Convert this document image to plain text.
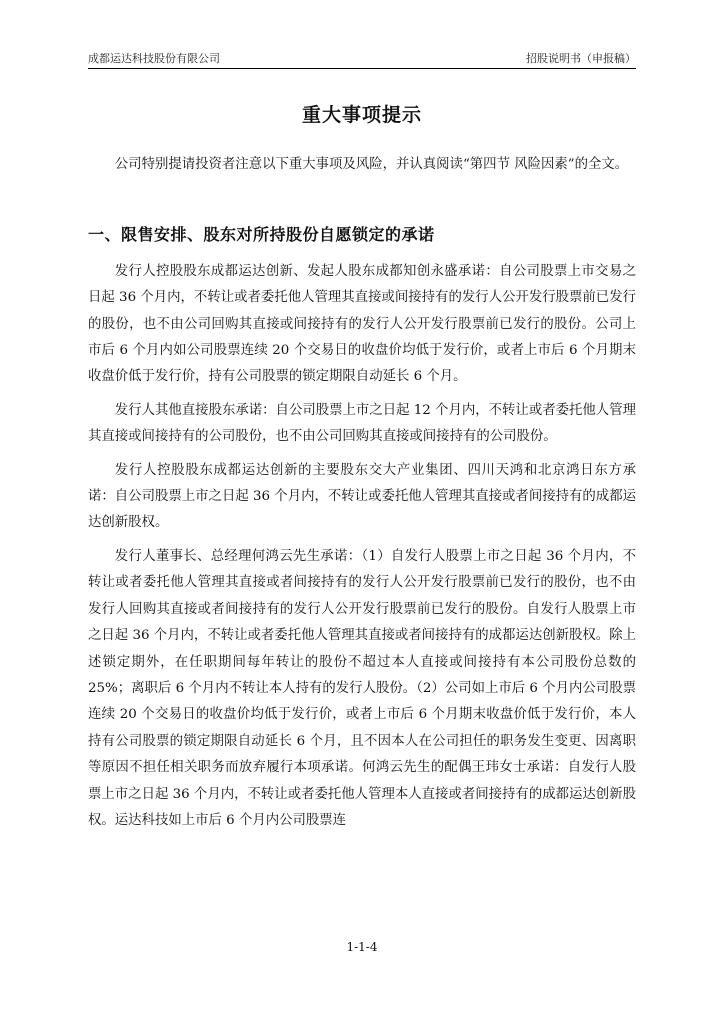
成都运达科技股份有限公司	招股说明书（申报稿）
重大事项提示

公司特别提请投资者注意以下重大事项及风险，并认真阅读“第四节 风险因素”的全文。

一、限售安排、股东对所持股份自愿锁定的承诺

发行人控股股东成都运达创新、发起人股东成都知创永盛承诺：自公司股票上市交易之日起 36 个月内，不转让或者委托他人管理其直接或间接持有的发行人公开发行股票前已发行的股份，也不由公司回购其直接或间接持有的发行人公开发行股票前已发行的股份。公司上市后 6 个月内如公司股票连续 20 个交易日的收盘价均低于发行价，或者上市后 6 个月期末收盘价低于发行价，持有公司股票的锁定期限自动延长 6 个月。

发行人其他直接股东承诺：自公司股票上市之日起 12 个月内，不转让或者委托他人管理其直接或间接持有的公司股份，也不由公司回购其直接或间接持有的公司股份。

发行人控股股东成都运达创新的主要股东交大产业集团、四川天鸿和北京鸿日东方承诺：自公司股票上市之日起 36 个月内，不转让或委托他人管理其直接或者间接持有的成都运达创新股权。

发行人董事长、总经理何鸿云先生承诺：（1）自发行人股票上市之日起 36 个月内，不转让或者委托他人管理其直接或者间接持有的发行人公开发行股票前已发行的股份，也不由发行人回购其直接或者间接持有的发行人公开发行股票前已发行的股份。自发行人股票上市之日起 36 个月内，不转让或者委托他人管理其直接或者间接持有的成都运达创新股权。除上述锁定期外，在任职期间每年转让的股份不超过本人直接或间接持有本公司股份总数的 25%；离职后 6 个月内不转让本人持有的发行人股份。（2）公司如上市后 6 个月内公司股票连续 20 个交易日的收盘价均低于发行价，或者上市后 6 个月期末收盘价低于发行价，本人持有公司股票的锁定期限自动延长 6 个月，且不因本人在公司担任的职务发生变更、因离职等原因不担任相关职务而放弃履行本项承诺。何鸿云先生的配偶王玮女士承诺：自发行人股票上市之日起 36 个月内，不转让或者委托他人管理本人直接或者间接持有的成都运达创新股权。运达科技如上市后 6 个月内公司股票连

1-1-4
